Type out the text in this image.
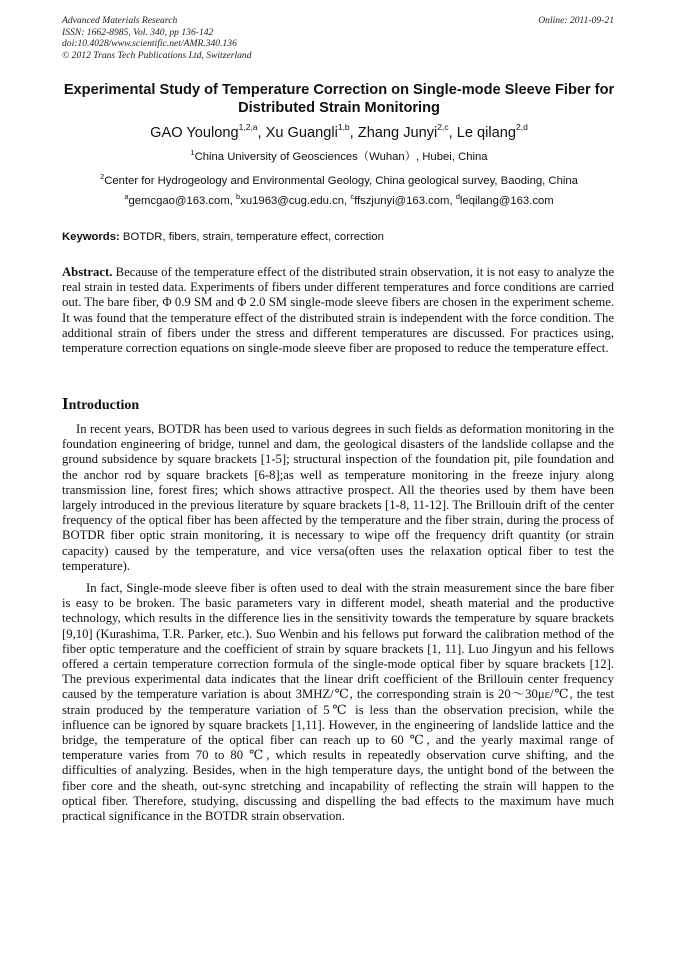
Advanced Materials Research
ISSN: 1662-8985, Vol. 340, pp 136-142
doi:10.4028/www.scientific.net/AMR.340.136
© 2012 Trans Tech Publications Ltd, Switzerland
Online: 2011-09-21
Experimental Study of Temperature Correction on Single-mode Sleeve Fiber for Distributed Strain Monitoring
GAO Youlong$^{1,2,a}$, Xu Guangli$^{1,b}$, Zhang Junyi$^{2,c}$, Le qilang$^{2,d}$
$^1$China University of Geosciences（Wuhan）, Hubei, China
$^2$Center for Hydrogeology and Environmental Geology, China geological survey, Baoding, China
$^a$gemcgao@163.com, $^b$xu1963@cug.edu.cn, $^c$ffszjunyi@163.com, $^d$leqilang@163.com
Keywords: BOTDR, fibers, strain, temperature effect, correction
Abstract. Because of the temperature effect of the distributed strain observation, it is not easy to analyze the real strain in tested data. Experiments of fibers under different temperatures and force conditions are carried out. The bare fiber, Φ 0.9 SM and Φ 2.0 SM single-mode sleeve fibers are chosen in the experiment scheme. It was found that the temperature effect of the distributed strain is independent with the force condition. The additional strain of fibers under the stress and different temperatures are discussed. For practices using, temperature correction equations on single-mode sleeve fiber are proposed to reduce the temperature effect.
Introduction
In recent years, BOTDR has been used to various degrees in such fields as deformation monitoring in the foundation engineering of bridge, tunnel and dam, the geological disasters of the landslide collapse and the ground subsidence by square brackets [1-5]; structural inspection of the foundation pit, pile foundation and the anchor rod by square brackets [6-8];as well as temperature monitoring in the freeze injury along transmission line, forest fires; which shows attractive prospect. All the theories used by them have been largely introduced in the previous literature by square brackets [1-8, 11-12]. The Brillouin drift of the center frequency of the optical fiber has been affected by the temperature and the fiber strain, during the process of BOTDR fiber optic strain monitoring, it is necessary to wipe off the frequency drift quantity (or strain capacity) caused by the temperature, and vice versa(often uses the relaxation optical fiber to test the temperature).
In fact, Single-mode sleeve fiber is often used to deal with the strain measurement since the bare fiber is easy to be broken. The basic parameters vary in different model, sheath material and the productive technology, which results in the difference lies in the sensitivity towards the temperature by square brackets [9,10] (Kurashima, T.R. Parker, etc.). Suo Wenbin and his fellows put forward the calibration method of the fiber optic temperature and the coefficient of strain by square brackets [1, 11]. Luo Jingyun and his fellows offered a certain temperature correction formula of the single-mode optical fiber by square brackets [12]. The previous experimental data indicates that the linear drift coefficient of the Brillouin center frequency caused by the temperature variation is about 3MHZ/℃, the corresponding strain is 20～30με/℃, the test strain produced by the temperature variation of 5℃ is less than the observation precision, while the influence can be ignored by square brackets [1,11]. However, in the engineering of landslide lattice and the bridge, the temperature of the optical fiber can reach up to 60 ℃, and the yearly maximal range of temperature varies from 70 to 80 ℃, which results in repeatedly observation curve shifting, and the difficulties of analyzing. Besides, when in the high temperature days, the untight bond of the between the fiber core and the sheath, out-sync stretching and incapability of reflecting the strain will happen to the optical fiber. Therefore, studying, discussing and dispelling the bad effects to the maximum have much practical significance in the BOTDR strain observation.
